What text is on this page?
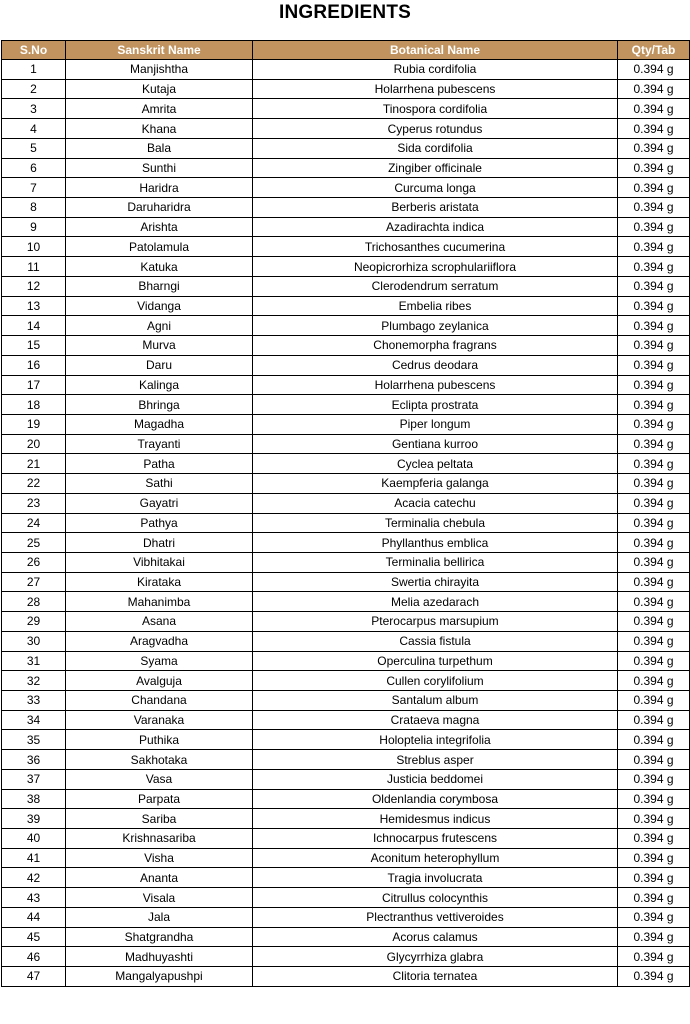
INGREDIENTS
S.No	Sanskrit Name	Botanical Name	Qty/Tab
1	Manjishtha	Rubia cordifolia	0.394 g
2	Kutaja	Holarrhena pubescens	0.394 g
3	Amrita	Tinospora cordifolia	0.394 g
4	Khana	Cyperus rotundus	0.394 g
5	Bala	Sida cordifolia	0.394 g
6	Sunthi	Zingiber officinale	0.394 g
7	Haridra	Curcuma longa	0.394 g
8	Daruharidra	Berberis aristata	0.394 g
9	Arishta	Azadirachta indica	0.394 g
10	Patolamula	Trichosanthes cucumerina	0.394 g
11	Katuka	Neopicrorhiza scrophulariiflora	0.394 g
12	Bharngi	Clerodendrum serratum	0.394 g
13	Vidanga	Embelia ribes	0.394 g
14	Agni	Plumbago zeylanica	0.394 g
15	Murva	Chonemorpha fragrans	0.394 g
16	Daru	Cedrus deodara	0.394 g
17	Kalinga	Holarrhena pubescens	0.394 g
18	Bhringa	Eclipta prostrata	0.394 g
19	Magadha	Piper longum	0.394 g
20	Trayanti	Gentiana kurroo	0.394 g
21	Patha	Cyclea peltata	0.394 g
22	Sathi	Kaempferia galanga	0.394 g
23	Gayatri	Acacia catechu	0.394 g
24	Pathya	Terminalia chebula	0.394 g
25	Dhatri	Phyllanthus emblica	0.394 g
26	Vibhitakai	Terminalia bellirica	0.394 g
27	Kirataka	Swertia chirayita	0.394 g
28	Mahanimba	Melia azedarach	0.394 g
29	Asana	Pterocarpus marsupium	0.394 g
30	Aragvadha	Cassia fistula	0.394 g
31	Syama	Operculina turpethum	0.394 g
32	Avalguja	Cullen corylifolium	0.394 g
33	Chandana	Santalum album	0.394 g
34	Varanaka	Crataeva magna	0.394 g
35	Puthika	Holoptelia integrifolia	0.394 g
36	Sakhotaka	Streblus asper	0.394 g
37	Vasa	Justicia beddomei	0.394 g
38	Parpata	Oldenlandia corymbosa	0.394 g
39	Sariba	Hemidesmus indicus	0.394 g
40	Krishnasariba	Ichnocarpus frutescens	0.394 g
41	Visha	Aconitum heterophyllum	0.394 g
42	Ananta	Tragia involucrata	0.394 g
43	Visala	Citrullus colocynthis	0.394 g
44	Jala	Plectranthus vettiveroides	0.394 g
45	Shatgrandha	Acorus calamus	0.394 g
46	Madhuyashti	Glycyrrhiza glabra	0.394 g
47	Mangalyapushpi	Clitoria ternatea	0.394 g
